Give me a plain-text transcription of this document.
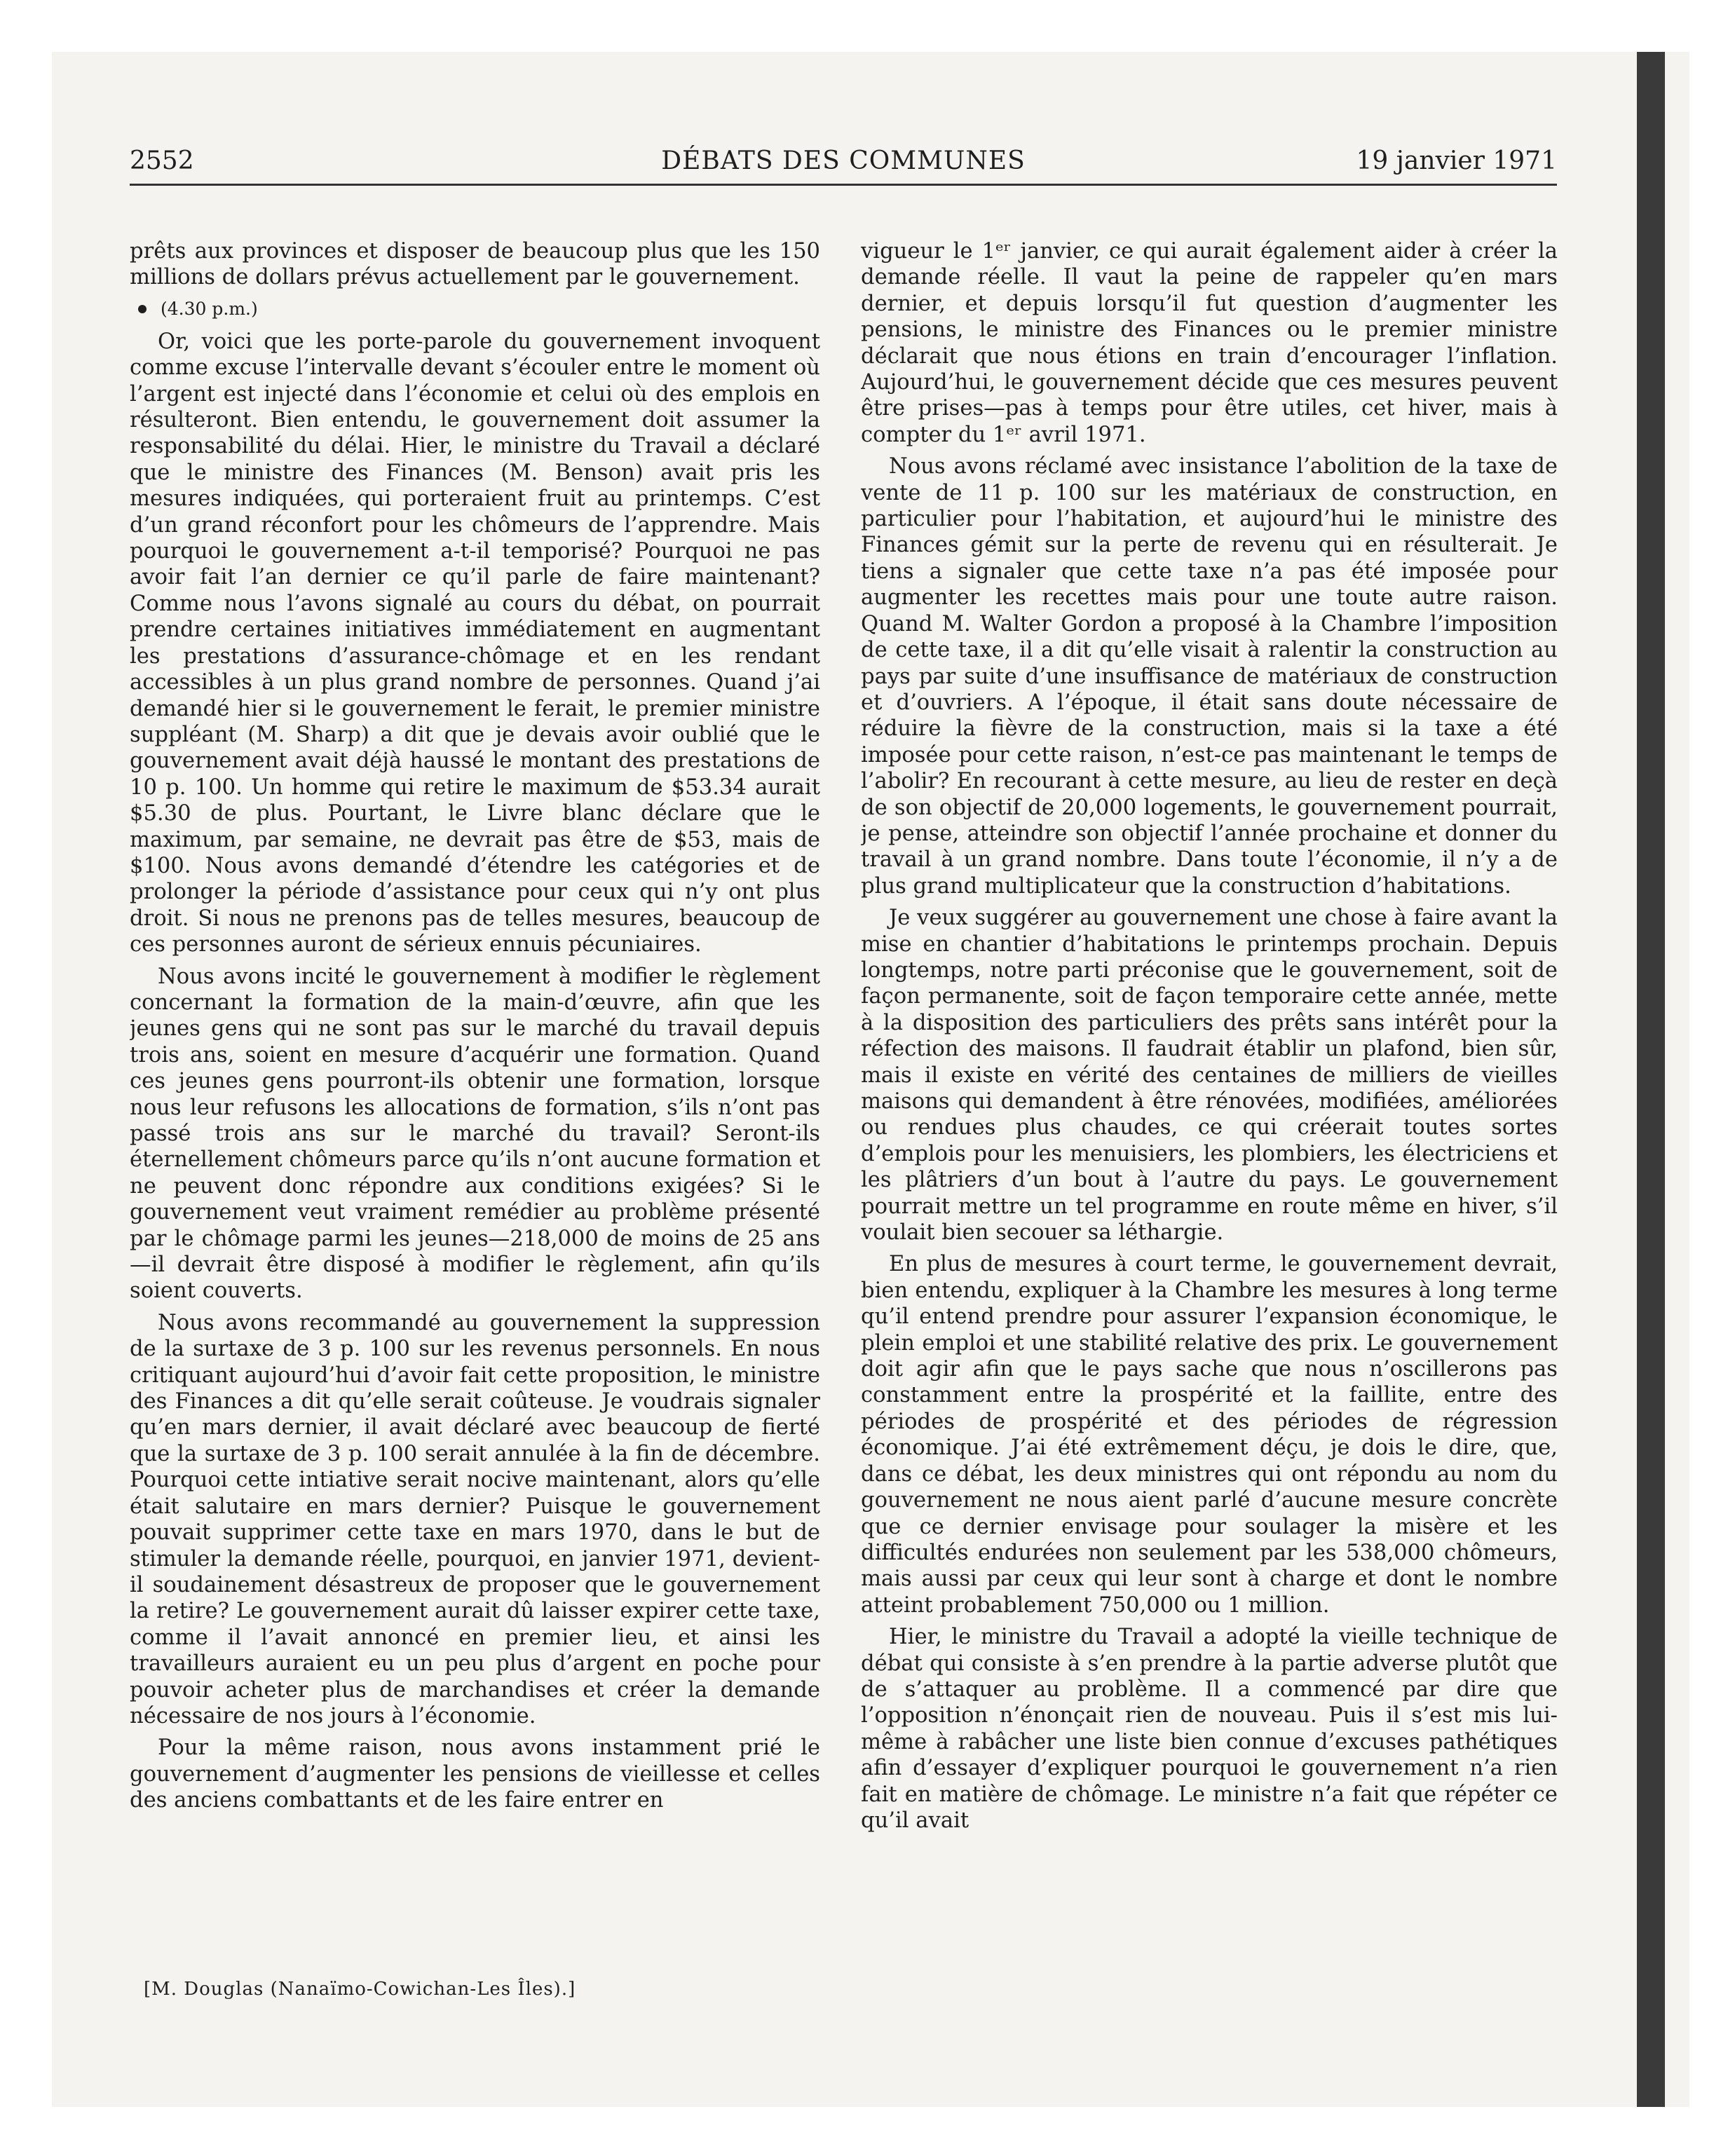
2552	DÉBATS DES COMMUNES	19 janvier 1971

prêts aux provinces et disposer de beaucoup plus que les 150 millions de dollars prévus actuellement par le gouvernement.

(4.30 p.m.)

Or, voici que les porte-parole du gouvernement invoquent comme excuse l’intervalle devant s’écouler entre le moment où l’argent est injecté dans l’économie et celui où des emplois en résulteront. Bien entendu, le gouvernement doit assumer la responsabilité du délai. Hier, le ministre du Travail a déclaré que le ministre des Finances (M. Benson) avait pris les mesures indiquées, qui porteraient fruit au printemps. C’est d’un grand réconfort pour les chômeurs de l’apprendre. Mais pourquoi le gouvernement a-t-il temporisé? Pourquoi ne pas avoir fait l’an dernier ce qu’il parle de faire maintenant? Comme nous l’avons signalé au cours du débat, on pourrait prendre certaines initiatives immédiatement en augmentant les prestations d’assurance-chômage et en les rendant accessibles à un plus grand nombre de personnes. Quand j’ai demandé hier si le gouvernement le ferait, le premier ministre suppléant (M. Sharp) a dit que je devais avoir oublié que le gouvernement avait déjà haussé le montant des prestations de 10 p. 100. Un homme qui retire le maximum de $53.34 aurait $5.30 de plus. Pourtant, le Livre blanc déclare que le maximum, par semaine, ne devrait pas être de $53, mais de $100. Nous avons demandé d’étendre les catégories et de prolonger la période d’assistance pour ceux qui n’y ont plus droit. Si nous ne prenons pas de telles mesures, beaucoup de ces personnes auront de sérieux ennuis pécuniaires.

Nous avons incité le gouvernement à modifier le règlement concernant la formation de la main-d’œuvre, afin que les jeunes gens qui ne sont pas sur le marché du travail depuis trois ans, soient en mesure d’acquérir une formation. Quand ces jeunes gens pourront-ils obtenir une formation, lorsque nous leur refusons les allocations de formation, s’ils n’ont pas passé trois ans sur le marché du travail? Seront-ils éternellement chômeurs parce qu’ils n’ont aucune formation et ne peuvent donc répondre aux conditions exigées? Si le gouvernement veut vraiment remédier au problème présenté par le chômage parmi les jeunes—218,000 de moins de 25 ans—il devrait être disposé à modifier le règlement, afin qu’ils soient couverts.

Nous avons recommandé au gouvernement la suppression de la surtaxe de 3 p. 100 sur les revenus personnels. En nous critiquant aujourd’hui d’avoir fait cette proposition, le ministre des Finances a dit qu’elle serait coûteuse. Je voudrais signaler qu’en mars dernier, il avait déclaré avec beaucoup de fierté que la surtaxe de 3 p. 100 serait annulée à la fin de décembre. Pourquoi cette intiative serait nocive maintenant, alors qu’elle était salutaire en mars dernier? Puisque le gouvernement pouvait supprimer cette taxe en mars 1970, dans le but de stimuler la demande réelle, pourquoi, en janvier 1971, devient-il soudainement désastreux de proposer que le gouvernement la retire? Le gouvernement aurait dû laisser expirer cette taxe, comme il l’avait annoncé en premier lieu, et ainsi les travailleurs auraient eu un peu plus d’argent en poche pour pouvoir acheter plus de marchandises et créer la demande nécessaire de nos jours à l’économie.

Pour la même raison, nous avons instamment prié le gouvernement d’augmenter les pensions de vieillesse et celles des anciens combattants et de les faire entrer en

vigueur le 1ᵉʳ janvier, ce qui aurait également aider à créer la demande réelle. Il vaut la peine de rappeler qu’en mars dernier, et depuis lorsqu’il fut question d’augmenter les pensions, le ministre des Finances ou le premier ministre déclarait que nous étions en train d’encourager l’inflation. Aujourd’hui, le gouvernement décide que ces mesures peuvent être prises—pas à temps pour être utiles, cet hiver, mais à compter du 1ᵉʳ avril 1971.

Nous avons réclamé avec insistance l’abolition de la taxe de vente de 11 p. 100 sur les matériaux de construction, en particulier pour l’habitation, et aujourd’hui le ministre des Finances gémit sur la perte de revenu qui en résulterait. Je tiens a signaler que cette taxe n’a pas été imposée pour augmenter les recettes mais pour une toute autre raison. Quand M. Walter Gordon a proposé à la Chambre l’imposition de cette taxe, il a dit qu’elle visait à ralentir la construction au pays par suite d’une insuffisance de matériaux de construction et d’ouvriers. A l’époque, il était sans doute nécessaire de réduire la fièvre de la construction, mais si la taxe a été imposée pour cette raison, n’est-ce pas maintenant le temps de l’abolir? En recourant à cette mesure, au lieu de rester en deçà de son objectif de 20,000 logements, le gouvernement pourrait, je pense, atteindre son objectif l’année prochaine et donner du travail à un grand nombre. Dans toute l’économie, il n’y a de plus grand multiplicateur que la construction d’habitations.

Je veux suggérer au gouvernement une chose à faire avant la mise en chantier d’habitations le printemps prochain. Depuis longtemps, notre parti préconise que le gouvernement, soit de façon permanente, soit de façon temporaire cette année, mette à la disposition des particuliers des prêts sans intérêt pour la réfection des maisons. Il faudrait établir un plafond, bien sûr, mais il existe en vérité des centaines de milliers de vieilles maisons qui demandent à être rénovées, modifiées, améliorées ou rendues plus chaudes, ce qui créerait toutes sortes d’emplois pour les menuisiers, les plombiers, les électriciens et les plâtriers d’un bout à l’autre du pays. Le gouvernement pourrait mettre un tel programme en route même en hiver, s’il voulait bien secouer sa léthargie.

En plus de mesures à court terme, le gouvernement devrait, bien entendu, expliquer à la Chambre les mesures à long terme qu’il entend prendre pour assurer l’expansion économique, le plein emploi et une stabilité relative des prix. Le gouvernement doit agir afin que le pays sache que nous n’oscillerons pas constamment entre la prospérité et la faillite, entre des périodes de prospérité et des périodes de régression économique. J’ai été extrêmement déçu, je dois le dire, que, dans ce débat, les deux ministres qui ont répondu au nom du gouvernement ne nous aient parlé d’aucune mesure concrète que ce dernier envisage pour soulager la misère et les difficultés endurées non seulement par les 538,000 chômeurs, mais aussi par ceux qui leur sont à charge et dont le nombre atteint probablement 750,000 ou 1 million.

Hier, le ministre du Travail a adopté la vieille technique de débat qui consiste à s’en prendre à la partie adverse plutôt que de s’attaquer au problème. Il a commencé par dire que l’opposition n’énonçait rien de nouveau. Puis il s’est mis lui-même à rabâcher une liste bien connue d’excuses pathétiques afin d’essayer d’expliquer pourquoi le gouvernement n’a rien fait en matière de chômage. Le ministre n’a fait que répéter ce qu’il avait

[M. Douglas (Nanaïmo-Cowichan-Les Îles).]
